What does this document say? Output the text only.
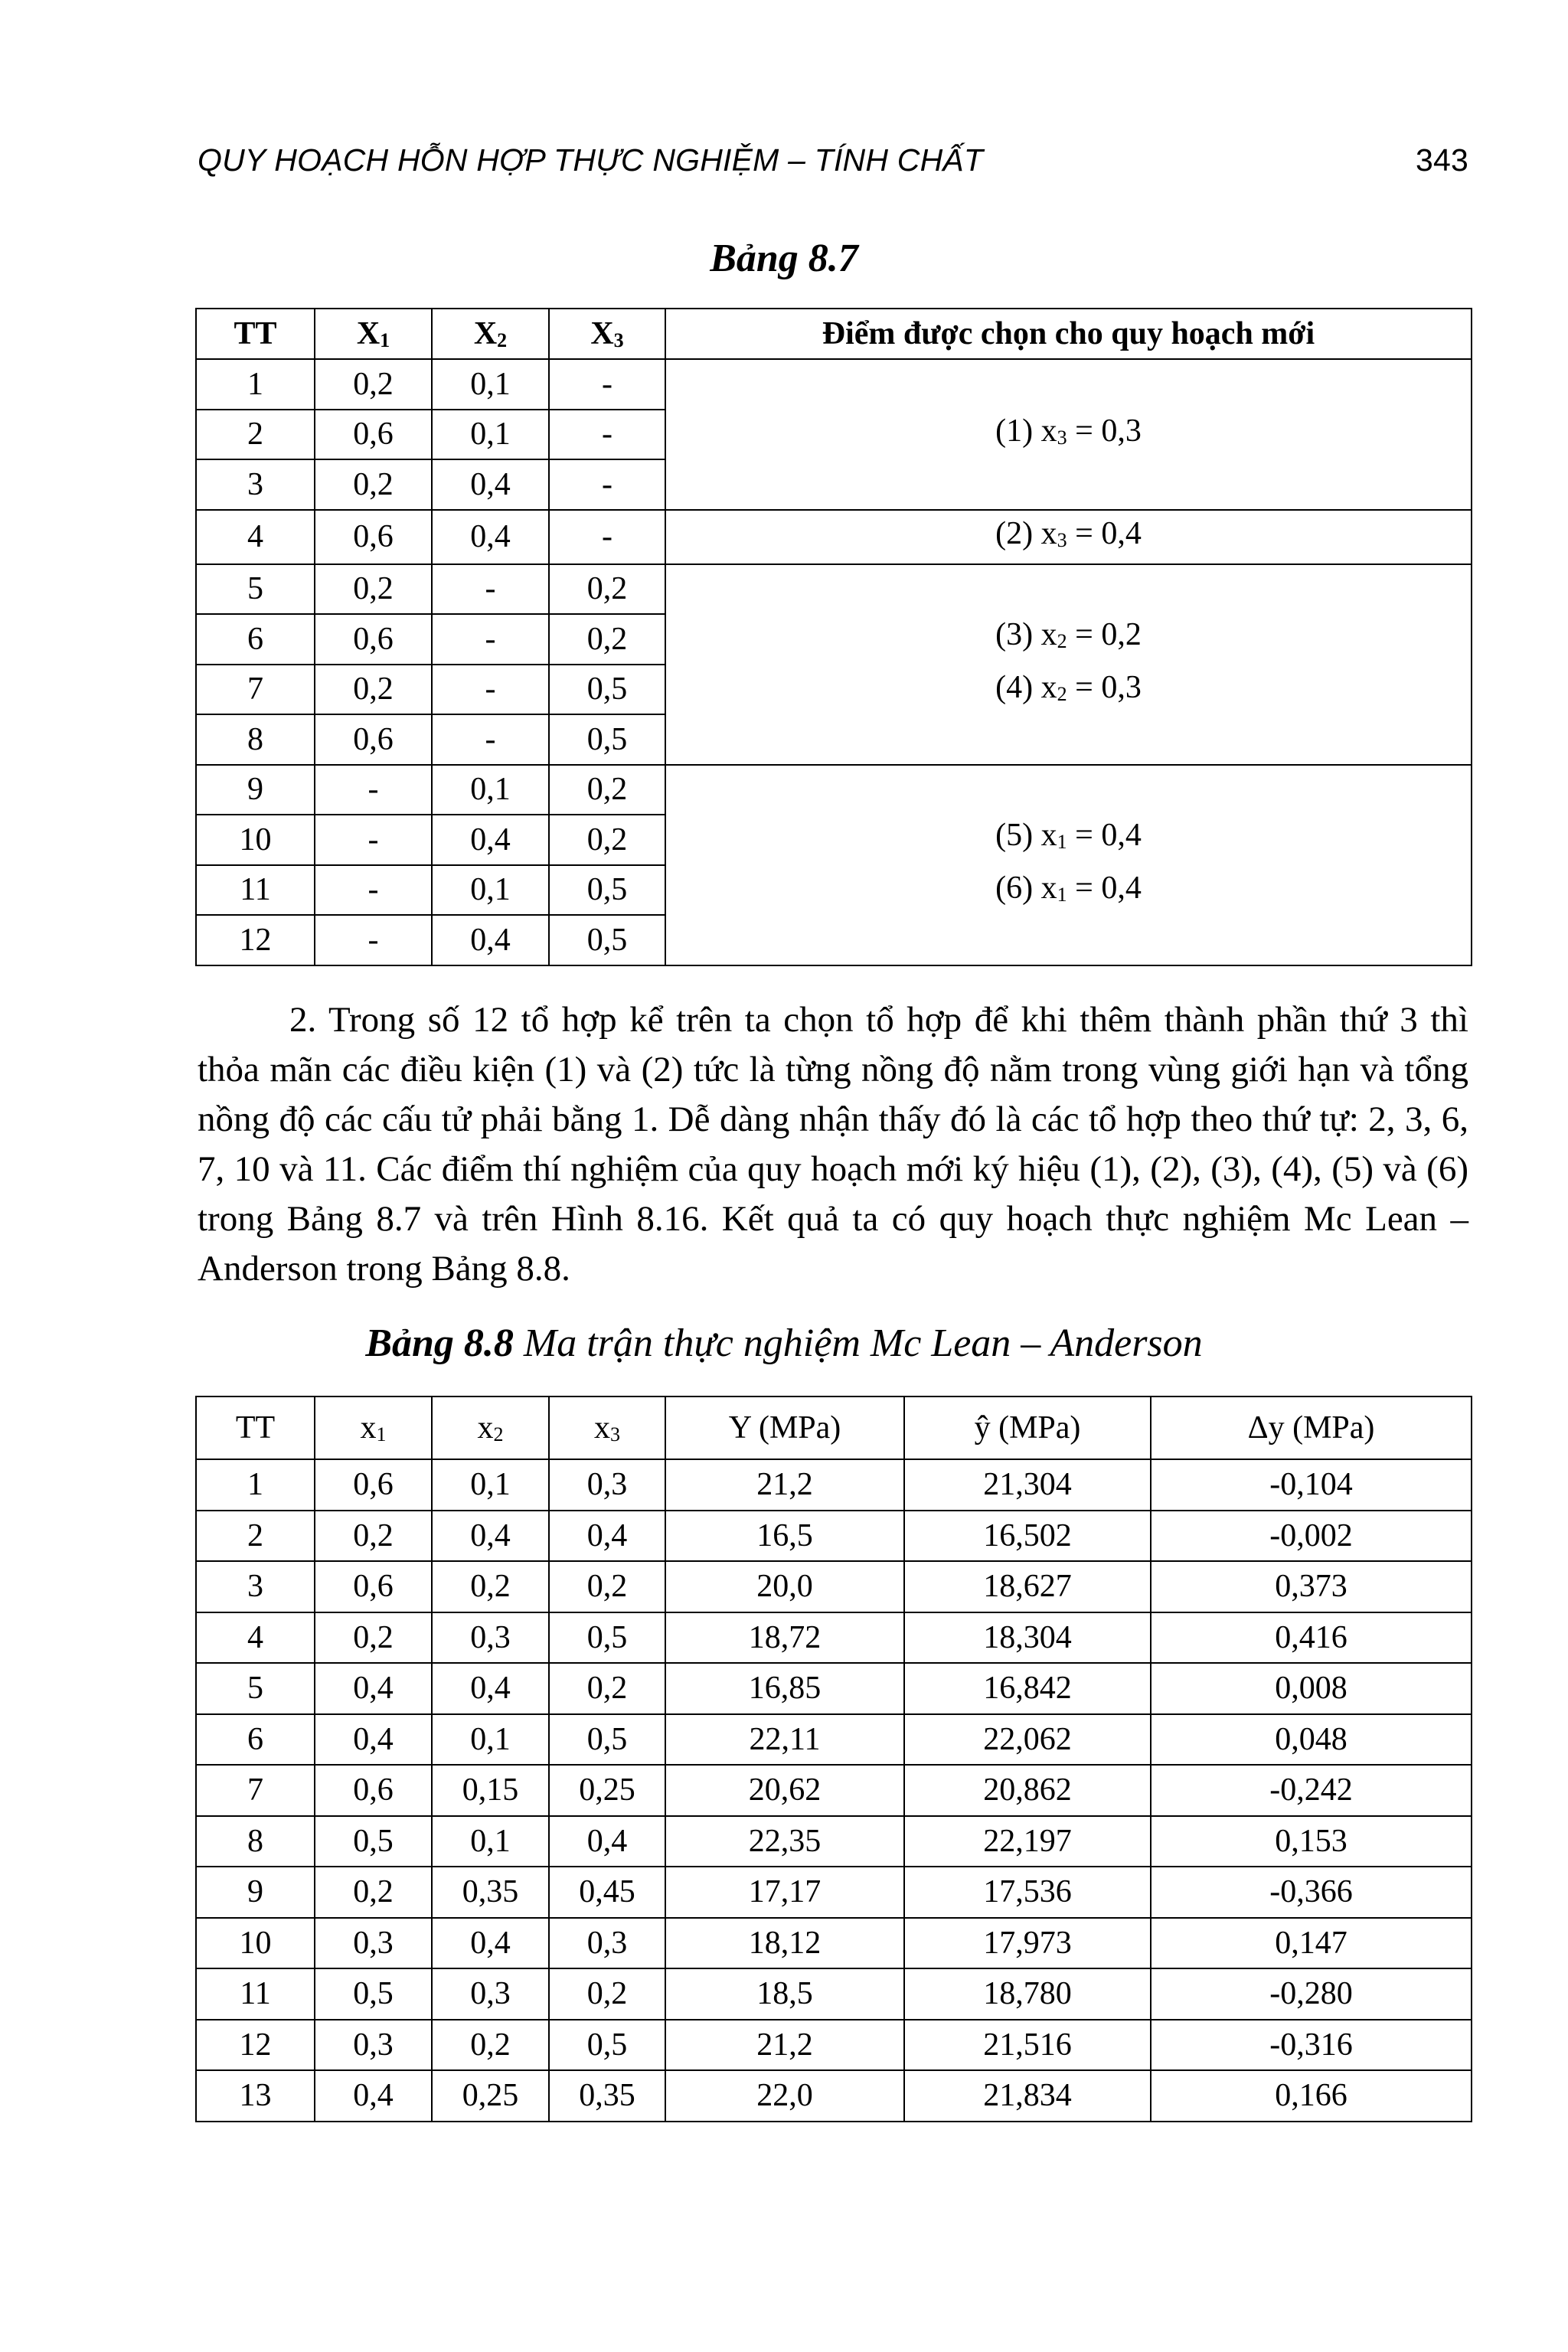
QUY HOẠCH HỖN HỢP THỰC NGHIỆM – TÍNH CHẤT	343
Bảng 8.7
TT	$X_1$	$X_2$	$X_3$	Điểm được chọn cho quy hoạch mới
1	0,2	0,1	-	(1) $x_3 = 0,3$

2	0,6	0,1	-	
3	0,2	0,4	-	
4	0,6	0,4	-	(2) $x_3 = 0,4$

5	0,2	-	0,2	(3) $x_2 = 0,2$
(4) $x_2 = 0,3$

6	0,6	-	0,2	
7	0,2	-	0,5	
8	0,6	-	0,5	
9	-	0,1	0,2	(5) $x_1 = 0,4$
(6) $x_1 = 0,4$

10	-	0,4	0,2	
11	-	0,1	0,5	
12	-	0,4	0,5	

2. Trong số 12 tổ hợp kể trên ta chọn tổ hợp để khi thêm thành phần thứ 3 thì thỏa mãn các điều kiện (1) và (2) tức là từng nồng độ nằm trong vùng giới hạn và tổng nồng độ các cấu tử phải bằng 1. Dễ dàng nhận thấy đó là các tổ hợp theo thứ tự: 2, 3, 6, 7, 10 và 11. Các điểm thí nghiệm của quy hoạch mới ký hiệu (1), (2), (3), (4), (5) và (6) trong Bảng 8.7 và trên Hình 8.16. Kết quả ta có quy hoạch thực nghiệm Mc Lean – Anderson trong Bảng 8.8.

Bảng 8.8 Ma trận thực nghiệm Mc Lean – Anderson
TT	$x_1$	$x_2$	$x_3$	Y (MPa)	ŷ (MPa)	Δy (MPa)
1	0,6	0,1	0,3	21,2	21,304	-0,104
2	0,2	0,4	0,4	16,5	16,502	-0,002
3	0,6	0,2	0,2	20,0	18,627	0,373
4	0,2	0,3	0,5	18,72	18,304	0,416
5	0,4	0,4	0,2	16,85	16,842	0,008
6	0,4	0,1	0,5	22,11	22,062	0,048
7	0,6	0,15	0,25	20,62	20,862	-0,242
8	0,5	0,1	0,4	22,35	22,197	0,153
9	0,2	0,35	0,45	17,17	17,536	-0,366
10	0,3	0,4	0,3	18,12	17,973	0,147
11	0,5	0,3	0,2	18,5	18,780	-0,280
12	0,3	0,2	0,5	21,2	21,516	-0,316
13	0,4	0,25	0,35	22,0	21,834	0,166
